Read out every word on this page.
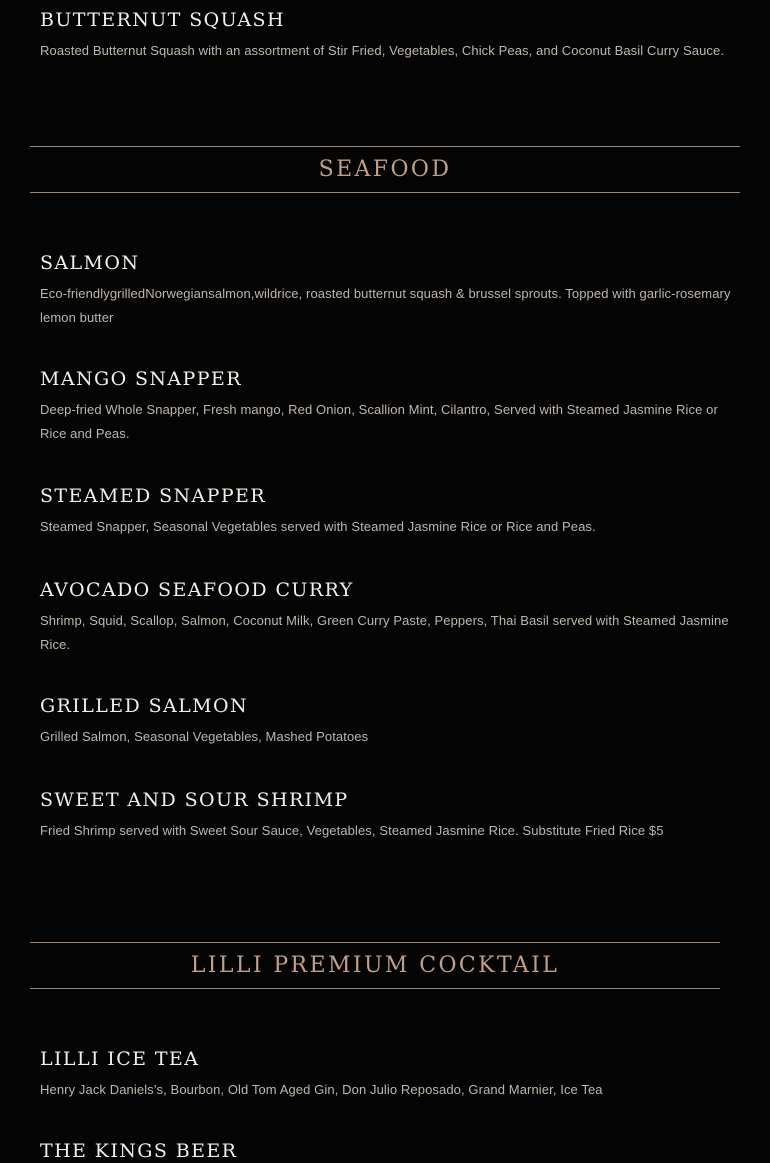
BUTTERNUT SQUASH

Roasted Butternut Squash with an assortment of Stir Fried, Vegetables, Chick Peas, and Coconut Basil Curry Sauce.

SEAFOOD
SALMON

Eco-friendlygrilledNorwegiansalmon,wildrice, roasted butternut squash & brussel sprouts. Topped with garlic-rosemary lemon butter

MANGO SNAPPER

Deep-fried Whole Snapper, Fresh mango, Red Onion, Scallion Mint, Cilantro, Served with Steamed Jasmine Rice or Rice and Peas.

STEAMED SNAPPER

Steamed Snapper, Seasonal Vegetables served with Steamed Jasmine Rice or Rice and Peas.

AVOCADO SEAFOOD CURRY

Shrimp, Squid, Scallop, Salmon, Coconut Milk, Green Curry Paste, Peppers, Thai Basil served with Steamed Jasmine Rice.

GRILLED SALMON

Grilled Salmon, Seasonal Vegetables, Mashed Potatoes

SWEET AND SOUR SHRIMP

Fried Shrimp served with Sweet Sour Sauce, Vegetables, Steamed Jasmine Rice. Substitute Fried Rice $5

LILLI PREMIUM COCKTAIL
LILLI ICE TEA

Henry Jack Daniels’s, Bourbon, Old Tom Aged Gin, Don Julio Reposado, Grand Marnier, Ice Tea

THE KINGS BEER
